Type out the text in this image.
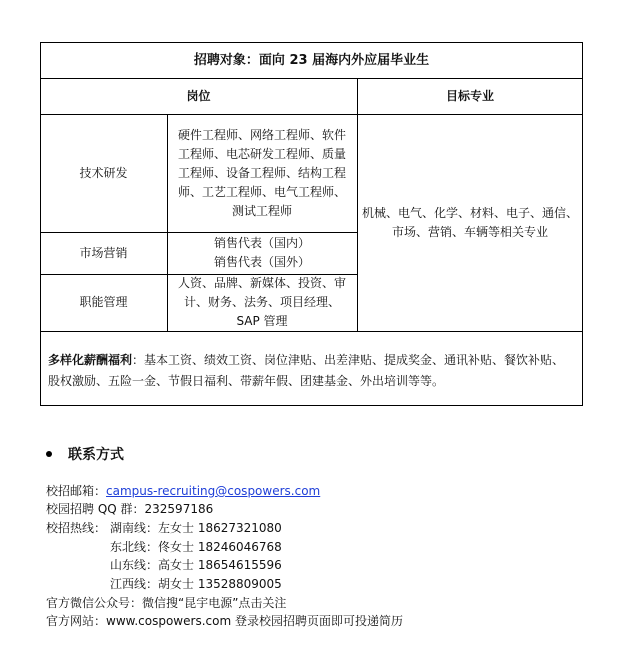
招聘对象：面向 23 届海内外应届毕业生
岗位	目标专业
技术研发
硬件工程师、网络工程师、软件工程师、电芯研发工程师、质量工程师、设备工程师、结构工程师、工艺工程师、电气工程师、测试工程师
市场营销
销售代表（国内）
销售代表（国外）
职能管理
人资、品牌、新媒体、投资、审计、财务、法务、项目经理、SAP 管理
机械、电气、化学、材料、电子、通信、市场、营销、车辆等相关专业
多样化薪酬福利：基本工资、绩效工资、岗位津贴、出差津贴、提成奖金、通讯补贴、餐饮补贴、股权激励、五险一金、节假日福利、带薪年假、团建基金、外出培训等等。
联系方式
校招邮箱：campus-recruiting@cospowers.com
校园招聘 QQ 群：232597186
校招热线： 湖南线：左女士 18627321080
东北线：佟女士 18246046768
山东线：高女士 18654615596
江西线：胡女士 13528809005
官方微信公众号：微信搜“昆宇电源”点击关注
官方网站：www.cospowers.com 登录校园招聘页面即可投递简历
